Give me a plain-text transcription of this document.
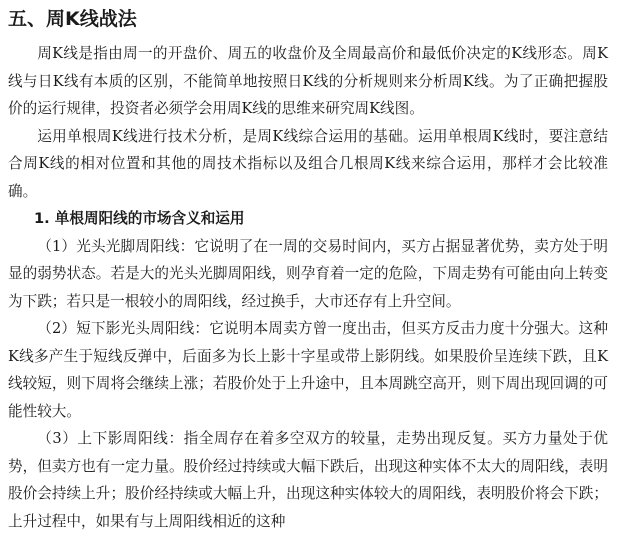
五、周K线战法

周K线是指由周一的开盘价、周五的收盘价及全周最高价和最低价决定的K线形态。周K线与日K线有本质的区别，不能简单地按照日K线的分析规则来分析周K线。为了正确把握股价的运行规律，投资者必须学会用周K线的思维来研究周K线图。

运用单根周K线进行技术分析，是周K线综合运用的基础。运用单根周K线时，要注意结合周K线的相对位置和其他的周技术指标以及组合几根周K线来综合运用，那样才会比较准确。

1. 单根周阳线的市场含义和运用

（1）光头光脚周阳线：它说明了在一周的交易时间内，买方占据显著优势，卖方处于明显的弱势状态。若是大的光头光脚周阳线，则孕育着一定的危险，下周走势有可能由向上转变为下跌；若只是一根较小的周阳线，经过换手，大市还存有上升空间。

（2）短下影光头周阳线：它说明本周卖方曾一度出击，但买方反击力度十分强大。这种K线多产生于短线反弹中，后面多为长上影十字星或带上影阴线。如果股价呈连续下跌，且K线较短，则下周将会继续上涨；若股价处于上升途中，且本周跳空高开，则下周出现回调的可能性较大。

（3）上下影周阳线：指全周存在着多空双方的较量，走势出现反复。买方力量处于优势，但卖方也有一定力量。股价经过持续或大幅下跌后，出现这种实体不太大的周阳线，表明股价会持续上升；股价经持续或大幅上升，出现这种实体较大的周阳线，表明股价将会下跌；上升过程中，如果有与上周阳线相近的这种
